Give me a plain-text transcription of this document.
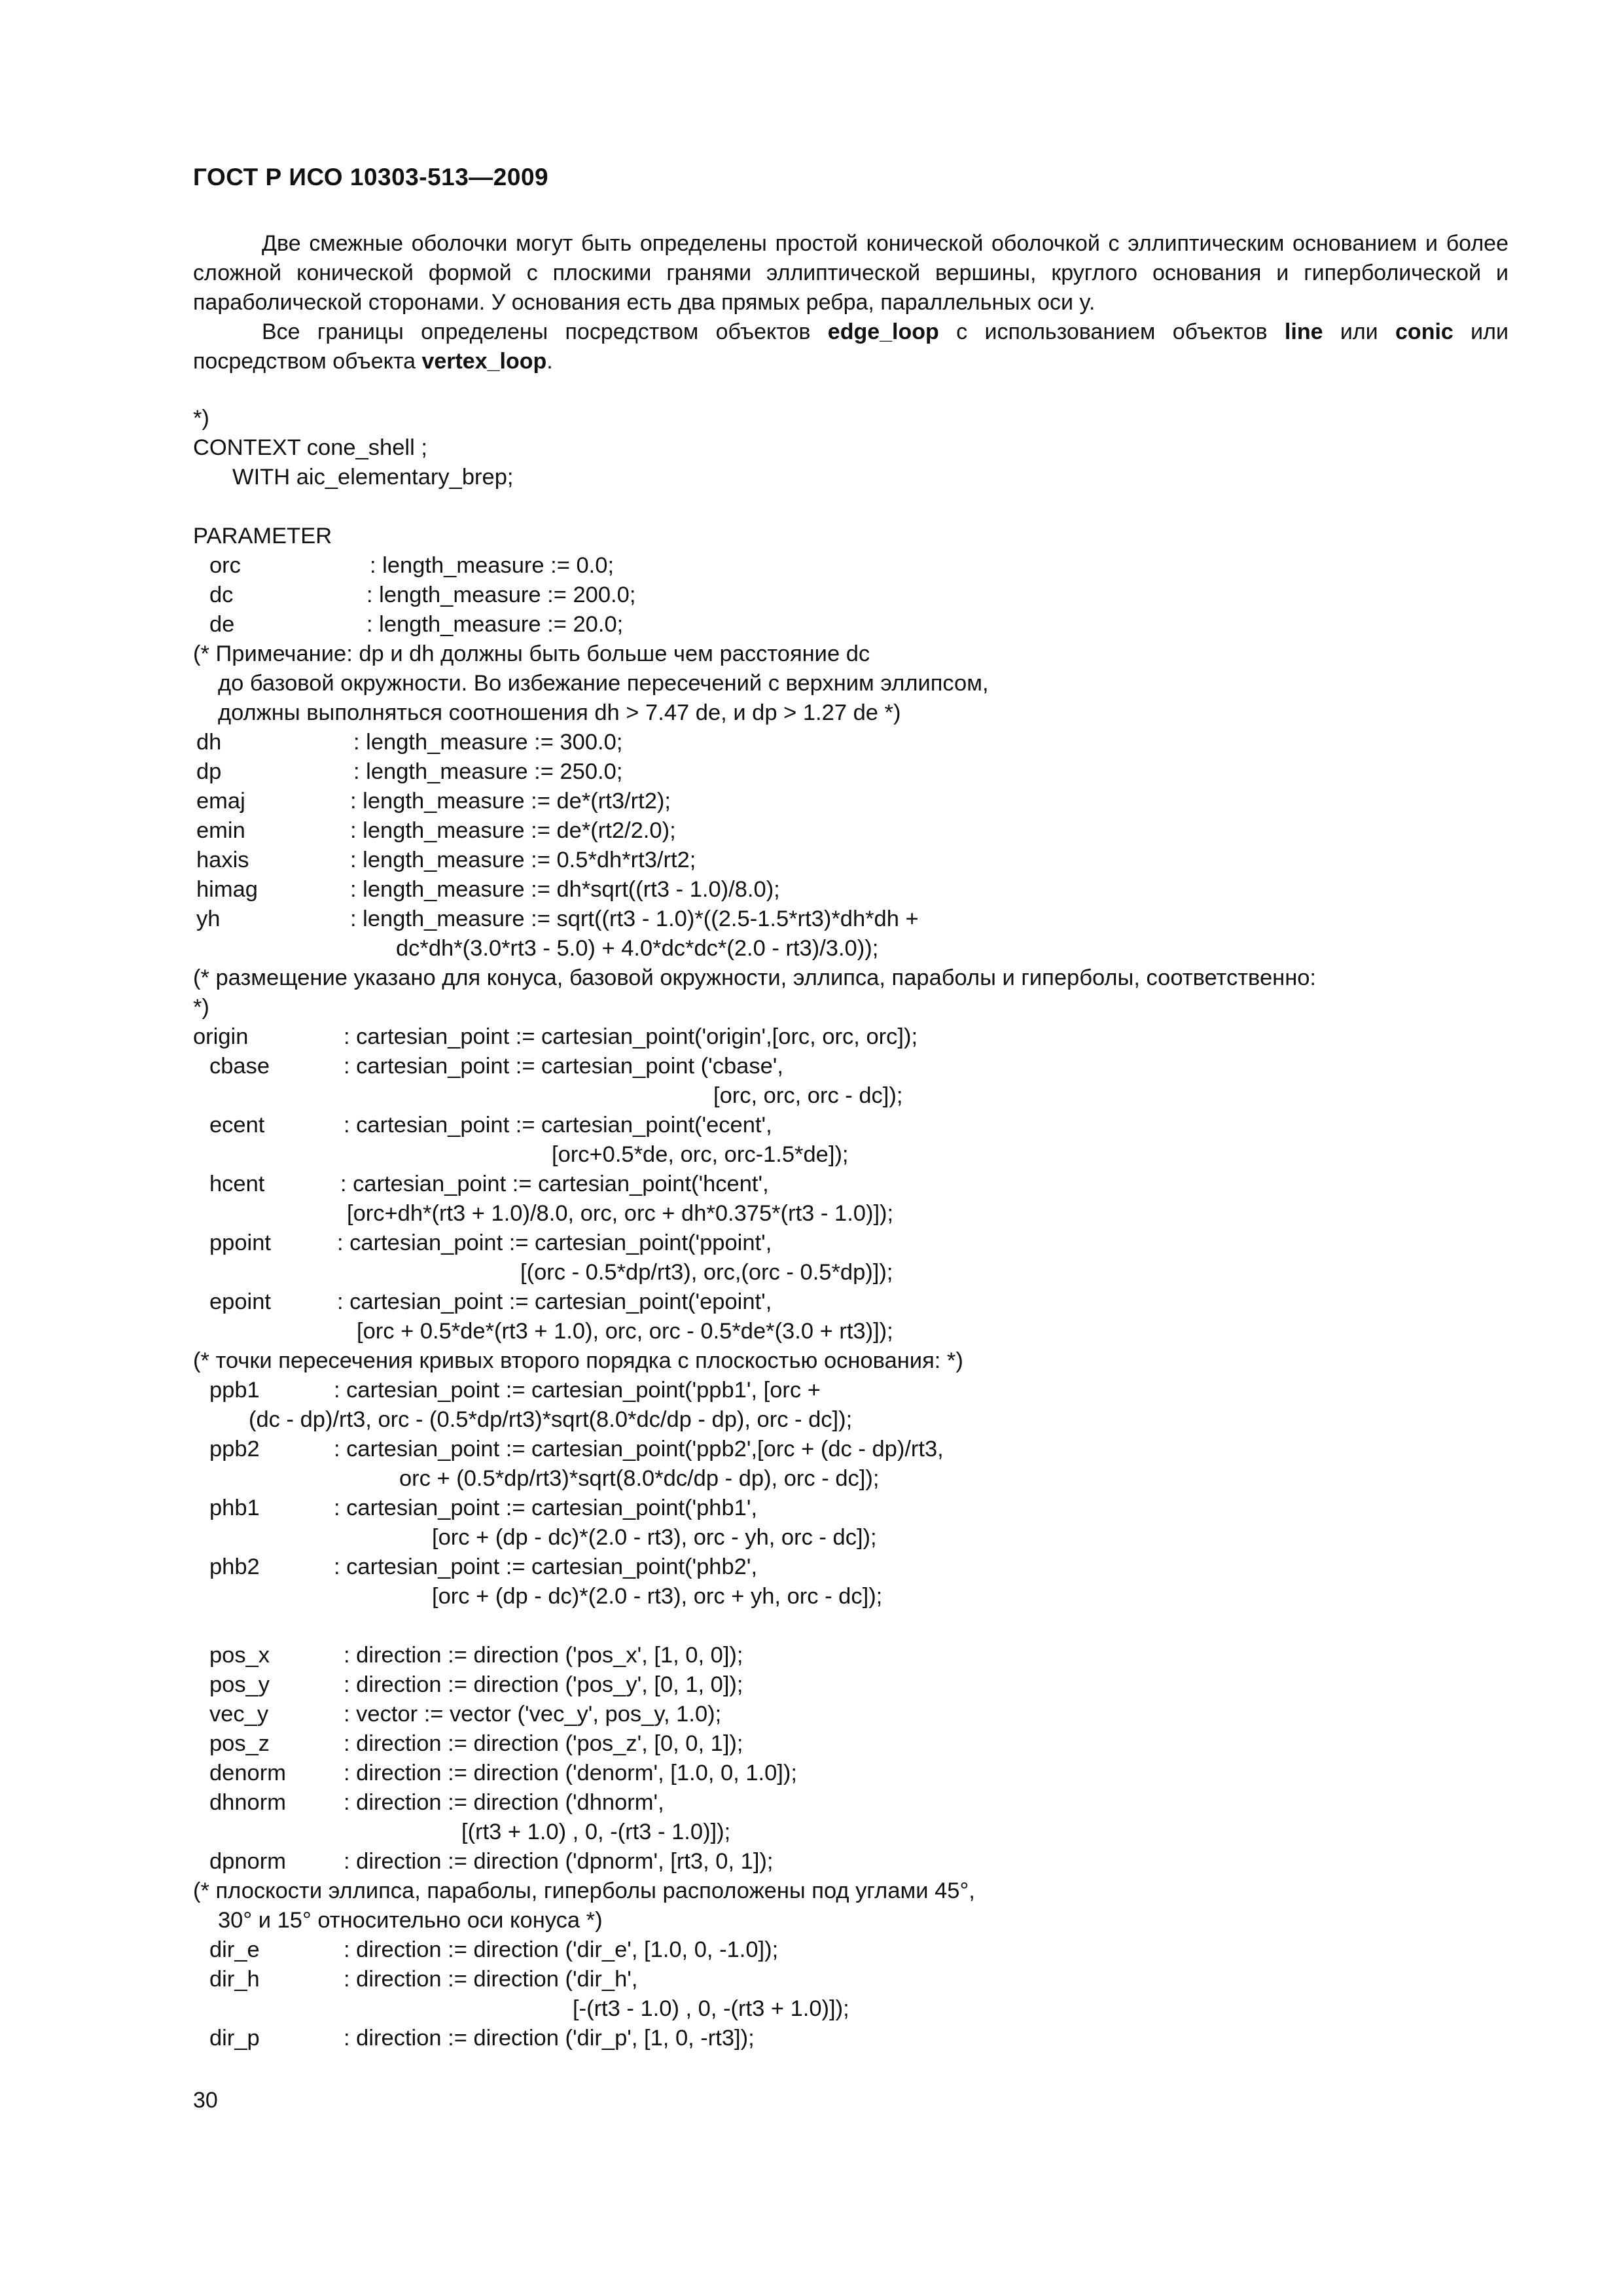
ГОСТ Р ИСО 10303-513—2009
Две смежные оболочки могут быть определены простой конической оболочкой с эллиптическим основанием и более сложной конической формой с плоскими гранями эллиптической вершины, круглого основания и гиперболической и параболической сторонами. У основания есть два прямых ребра, параллельных оси y.
Все границы определены посредством объектов edge_loop с использованием объектов line или conic или посредством объекта vertex_loop.
*)
CONTEXT cone_shell ;
WITH aic_elementary_brep;
PARAMETER
orc	: length_measure := 0.0;
dc	: length_measure := 200.0;
de	: length_measure := 20.0;
(* Примечание: dp и dh должны быть больше чем расстояние dc
до базовой окружности. Во избежание пересечений с верхним эллипсом,
должны выполняться соотношения dh > 7.47 de, и dp > 1.27 de *)
dh	: length_measure := 300.0;
dp	: length_measure := 250.0;
emaj	: length_measure := de*(rt3/rt2);
emin	: length_measure := de*(rt2/2.0);
haxis	: length_measure := 0.5*dh*rt3/rt2;
himag	: length_measure := dh*sqrt((rt3 - 1.0)/8.0);
yh	: length_measure := sqrt((rt3 - 1.0)*((2.5-1.5*rt3)*dh*dh +
dc*dh*(3.0*rt3 - 5.0) + 4.0*dc*dc*(2.0 - rt3)/3.0));
(* размещение указано для конуса, базовой окружности, эллипса, параболы и гиперболы, соответственно:
*)
origin	: cartesian_point := cartesian_point('origin',[orc, orc, orc]);
cbase	: cartesian_point := cartesian_point ('cbase',
[orc, orc, orc - dc]);
ecent	: cartesian_point := cartesian_point('ecent',
[orc+0.5*de, orc, orc-1.5*de]);
hcent	: cartesian_point := cartesian_point('hcent',
[orc+dh*(rt3 + 1.0)/8.0, orc, orc + dh*0.375*(rt3 - 1.0)]);
ppoint	: cartesian_point := cartesian_point('ppoint',
[(orc - 0.5*dp/rt3), orc,(orc - 0.5*dp)]);
epoint	: cartesian_point := cartesian_point('epoint',
[orc + 0.5*de*(rt3 + 1.0), orc, orc - 0.5*de*(3.0 + rt3)]);
(* точки пересечения кривых второго порядка с плоскостью основания: *)
ppb1	: cartesian_point := cartesian_point('ppb1', [orc +
(dc - dp)/rt3, orc - (0.5*dp/rt3)*sqrt(8.0*dc/dp - dp), orc - dc]);
ppb2	: cartesian_point := cartesian_point('ppb2',[orc + (dc - dp)/rt3,
orc + (0.5*dp/rt3)*sqrt(8.0*dc/dp - dp), orc - dc]);
phb1	: cartesian_point := cartesian_point('phb1',
[orc + (dp - dc)*(2.0 - rt3), orc - yh, orc - dc]);
phb2	: cartesian_point := cartesian_point('phb2',
[orc + (dp - dc)*(2.0 - rt3), orc + yh, orc - dc]);
pos_x	: direction := direction ('pos_x', [1, 0, 0]);
pos_y	: direction := direction ('pos_y', [0, 1, 0]);
vec_y	: vector := vector ('vec_y', pos_y, 1.0);
pos_z	: direction := direction ('pos_z', [0, 0, 1]);
denorm	: direction := direction ('denorm', [1.0, 0, 1.0]);
dhnorm	: direction := direction ('dhnorm',
[(rt3 + 1.0) , 0, -(rt3 - 1.0)]);
dpnorm	: direction := direction ('dpnorm', [rt3, 0, 1]);
(* плоскости эллипса, параболы, гиперболы расположены под углами 45°,
30° и 15° относительно оси конуса *)
dir_e	: direction := direction ('dir_e', [1.0, 0, -1.0]);
dir_h	: direction := direction ('dir_h',
[-(rt3 - 1.0) , 0, -(rt3 + 1.0)]);
dir_p	: direction := direction ('dir_p', [1, 0, -rt3]);
30
